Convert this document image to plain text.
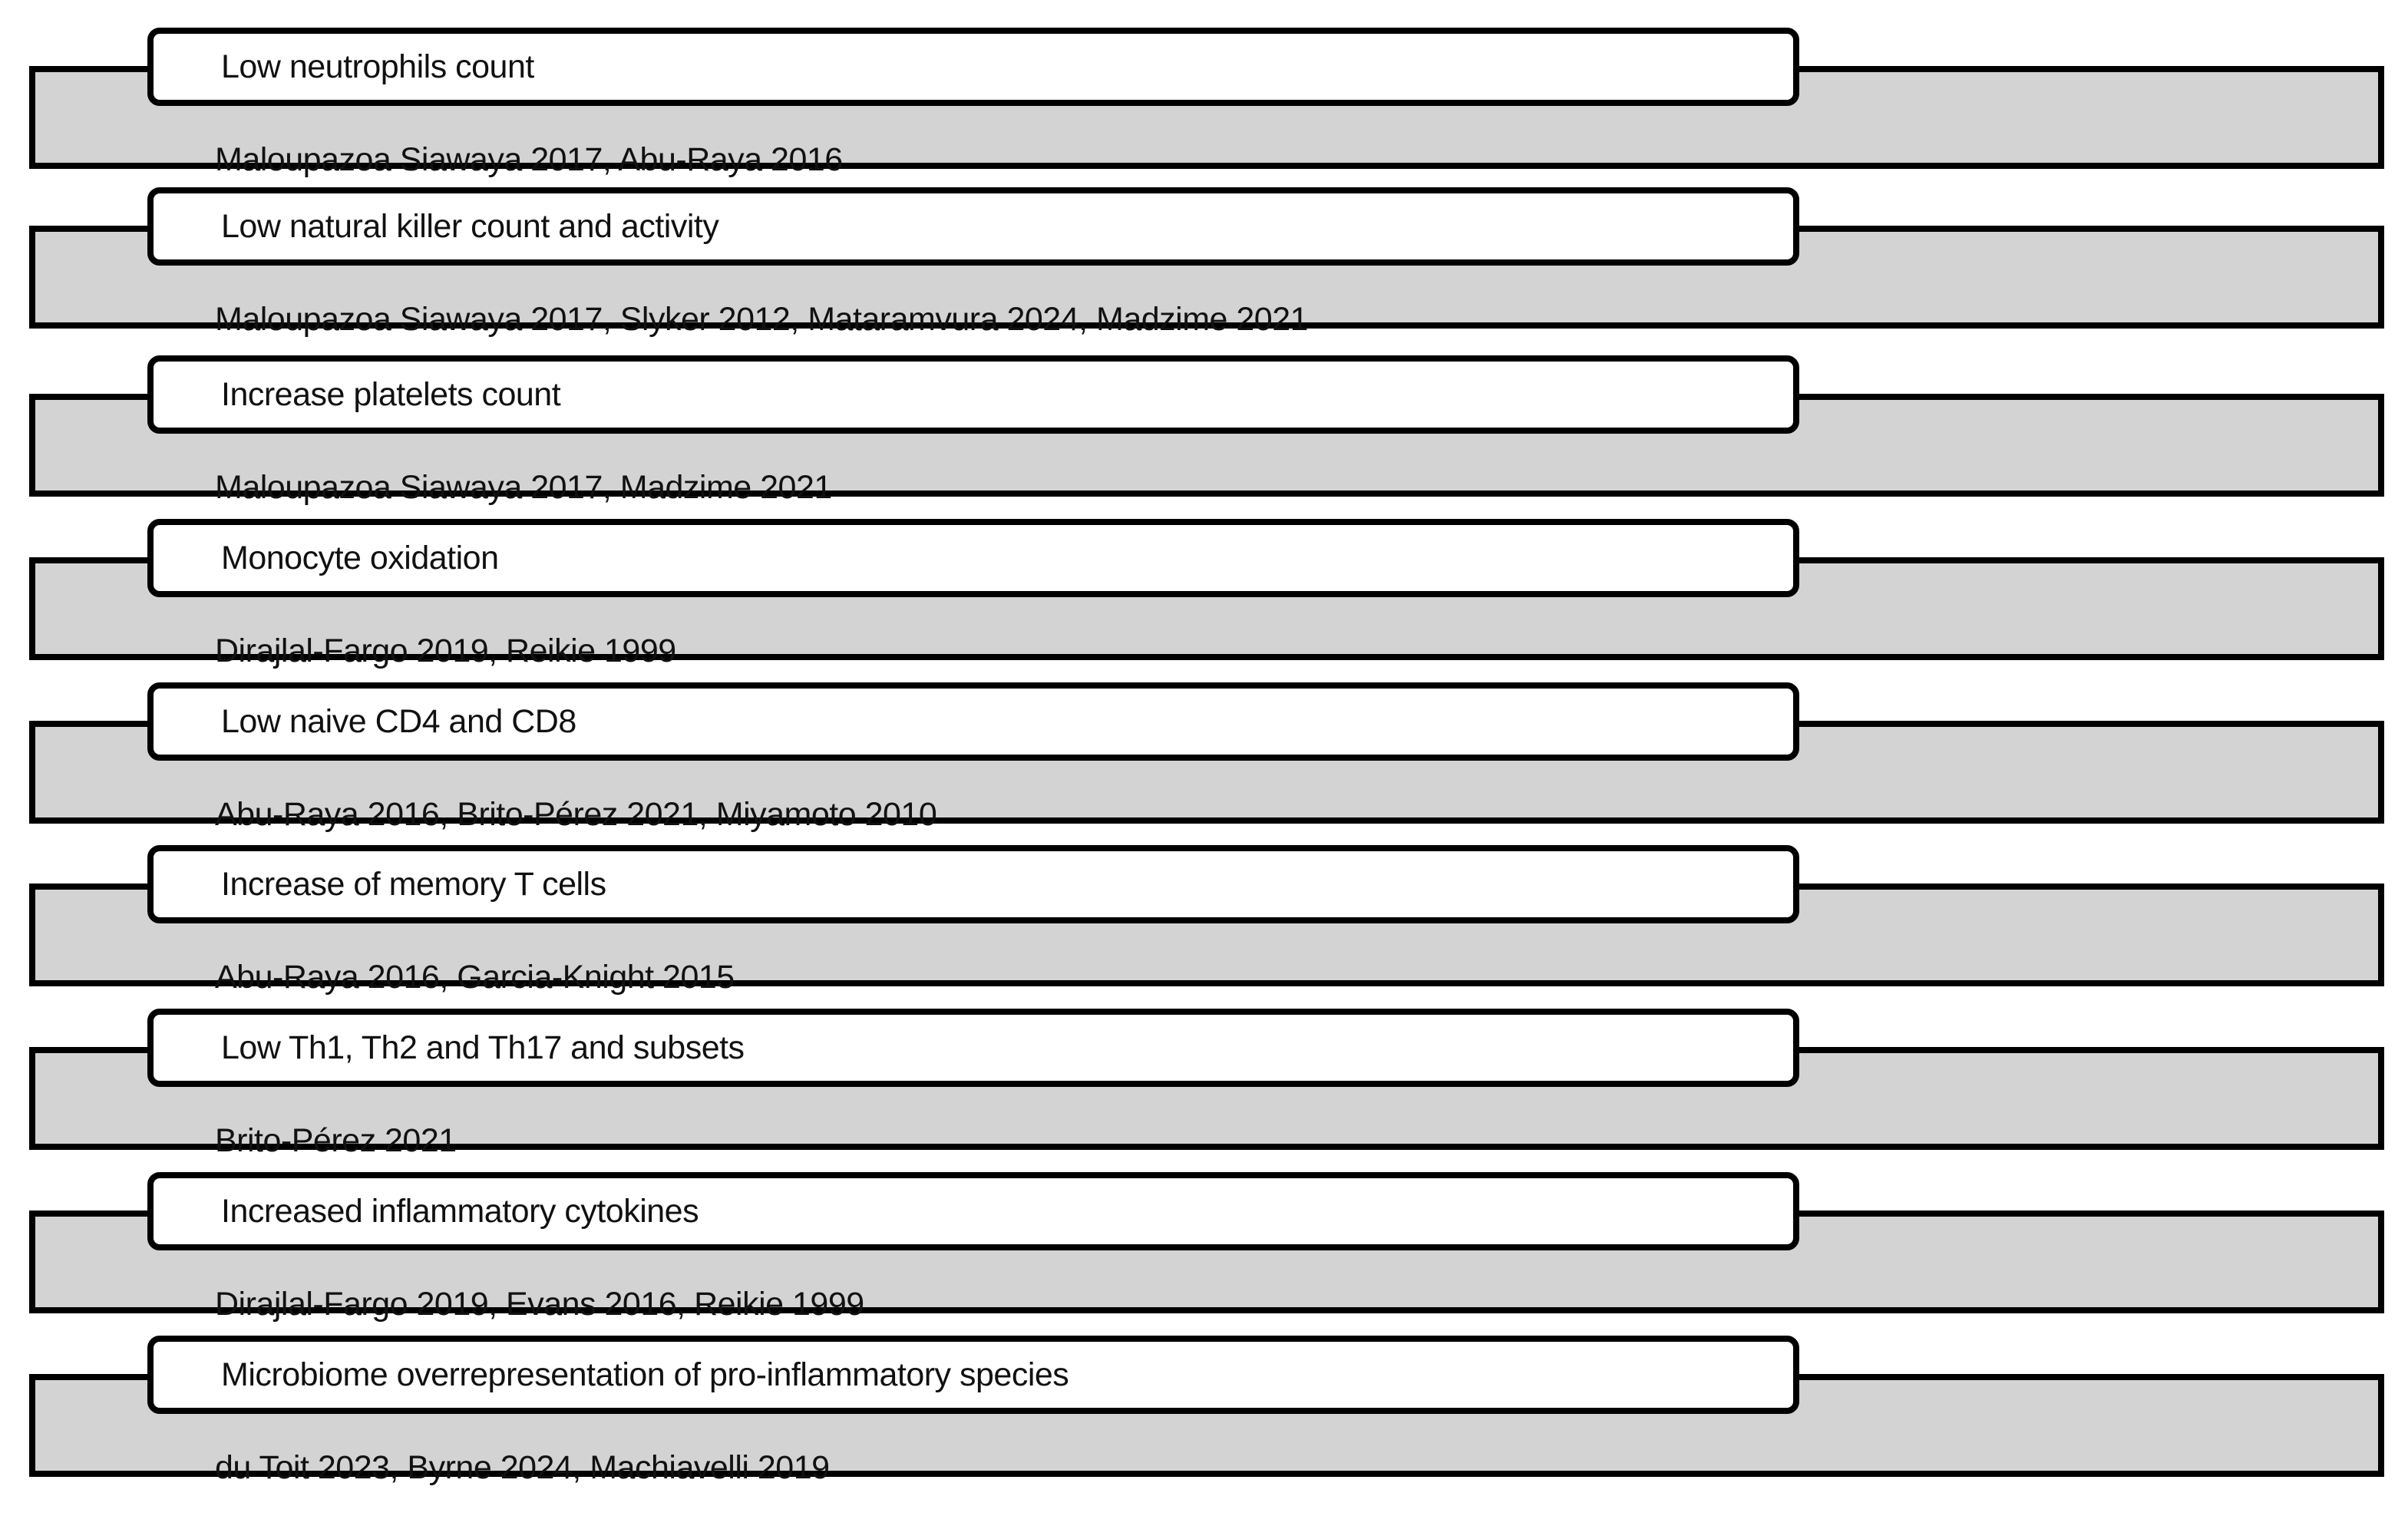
Low neutrophils count
Maloupazoa Siawaya 2017, Abu-Raya 2016
Low natural killer count and activity
Maloupazoa Siawaya 2017, Slyker 2012, Mataramvura 2024, Madzime 2021
Increase platelets count
Maloupazoa Siawaya 2017, Madzime 2021
Monocyte oxidation
Dirajlal-Fargo 2019, Reikie 1999
Low naive CD4 and CD8
Abu-Raya 2016, Brito-Pérez 2021, Miyamoto 2010
Increase of memory T cells
Abu-Raya 2016, Garcia-Knight 2015
Low Th1, Th2 and Th17 and subsets
Brito-Pérez 2021
Increased inflammatory cytokines
Dirajlal-Fargo 2019, Evans 2016, Reikie 1999
Microbiome overrepresentation of pro-inflammatory species
du Toit 2023, Byrne 2024, Machiavelli 2019
